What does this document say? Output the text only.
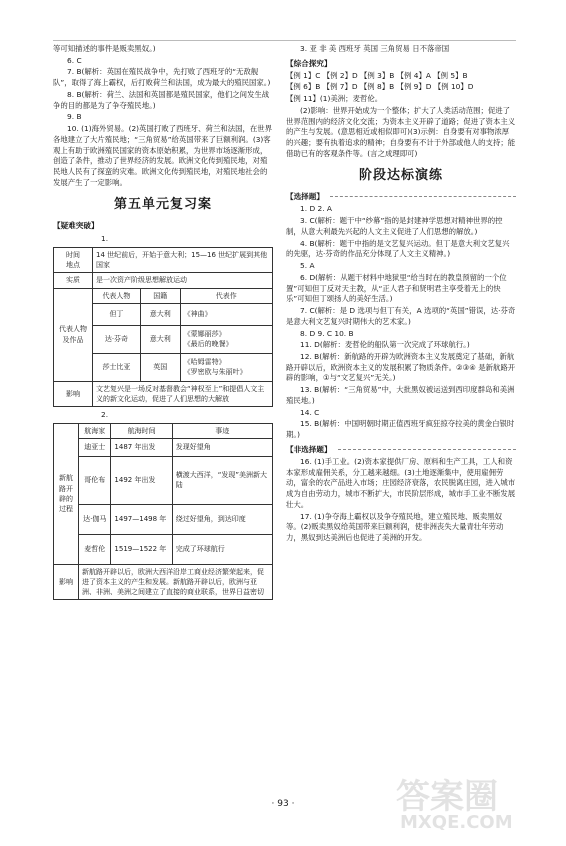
等可知描述的事件是贩卖黑奴。)

6. C

7. B(解析：英国在殖民战争中，先打败了西班牙的“无敌舰队”，取得了海上霸权，后打败荷兰和法国，成为最大的殖民国家。)

8. B(解析：荷兰、法国和英国都是殖民国家，他们之间发生战争的目的都是为了争夺殖民地。)

9. B

10. (1)海外贸易。(2)英国打败了西班牙、荷兰和法国，在世界各地建立了大片殖民地；“三角贸易”给英国带来了巨额利润。(3)客观上有助于欧洲殖民国家的资本原始积累，为世界市场逐渐形成，创造了条件，推动了世界经济的发展。欧洲文化传到殖民地，对殖民地人民有了探蛮的灾难。欧洲文化传到殖民地，对殖民地社会的发展产生了一定影响。

第五单元复习案
【疑难突破】
1.
时间
地点	14 世纪前后，开始于意大利；15—16 世纪扩展到其他国家		
实质	是一次资产阶级思想解放运动		
代表人物及作品	代表人物	国籍	代表作
	但丁	意大利	《神曲》
	达·芬奇	意大利	《蒙娜丽莎》
《最后的晚餐》
	莎士比亚	英国	《哈姆雷特》
《罗密欧与朱丽叶》
影响	文艺复兴是一场反对基督教会“神权至上”和提倡人文主义的新文化运动，促进了人们思想的大解放		
2.
新航路开辟的过程	航海家	航海时间	事迹
	迪亚士	1487 年出发	发现好望角
	哥伦布	1492 年出发	横渡大西洋，“发现”美洲新大陆
	达·伽马	1497—1498 年	绕过好望角，到达印度
	麦哲伦	1519—1522 年	完成了环球航行
影响	新航路开辟以后，欧洲大西洋沿岸工商业经济繁荣起来，促进了资本主义的产生和发展。新航路开辟以后，欧洲与亚洲、非洲、美洲之间建立了直接的商业联系，世界日益密切		

3. 亚 非 美 西班牙 英国 三角贸易 日不落帝国

【综合探究】

【例 1】C 【例 2】D 【例 3】B 【例 4】A 【例 5】B

【例 6】B 【例 7】D 【例 8】B 【例 9】D 【例 10】D

【例 11】(1)美洲；麦哲伦。

(2)影响：世界开始成为一个整体；扩大了人类活动范围；促进了世界范围内的经济文化交流；为资本主义开辟了道路；促进了资本主义的产生与发展。(意思相近或相似即可)(3)示例：自身要有对事物浓厚的兴趣；要有执着追求的精神；自身要有不计于外部或他人的支持；能借助已有的客观条件等。(言之成理即可)

阶段达标演练
【选择题】

1. D 2. A

3. C(解析：题干中“纱幕”指的是封建神学思想对精神世界的控制，从意大利最先兴起的人文主义促进了人们思想的解放。)

4. B(解析：题干中指的是文艺复兴运动。但丁是意大利文艺复兴的先驱，达·芬奇的作品充分体现了人文主义精神。)

5. A

6. D(解析：从题干材料中地狱里“给当时在的教皇预留的一个位置”可知但丁反对天主教，从“正人君子和贤明君主享受着无上的快乐”可知但丁颂扬人的美好生活。)

7. C(解析：是 D 选项与但丁有关，A 选项的“英国”错误，达·芬奇是意大利文艺复兴时期伟大的艺术家。)

8. D 9. C 10. B

11. D(解析：麦哲伦的船队第一次完成了环球航行。)

12. B(解析：新航路的开辟为欧洲资本主义发展奠定了基础，新航路开辟以后，欧洲资本主义的发展积累了物质条件。②③④ 是新航路开辟的影响，①与“文艺复兴”无关。)

13. B(解析：“三角贸易”中，大批黑奴被运送到西印度群岛和美洲殖民地。)

14. C

15. B(解析：中国明朝时期正值西班牙疯狂掠夺拉美的黄金白银时期。)

【非选择题】

16. (1)手工业。(2)资本家提供厂房、原料和生产工具，工人和资本家形成雇佣关系，分工越来越细。(3)土地逐渐集中，使用雇佣劳动，富余的农产品进入市场；庄园经济衰落，农民脱离庄园，进入城市成为自由劳动力，城市不断扩大，市民阶层形成，城市手工业不断发展壮大。

17. (1)争夺海上霸权以及争夺殖民地，建立殖民地、贩卖黑奴等。(2)贩卖黑奴给英国带来巨额利润，使非洲丧失大量青壮年劳动力，黑奴到达美洲后也促进了美洲的开发。

· 93 ·	答案圈
MXQE.COM
